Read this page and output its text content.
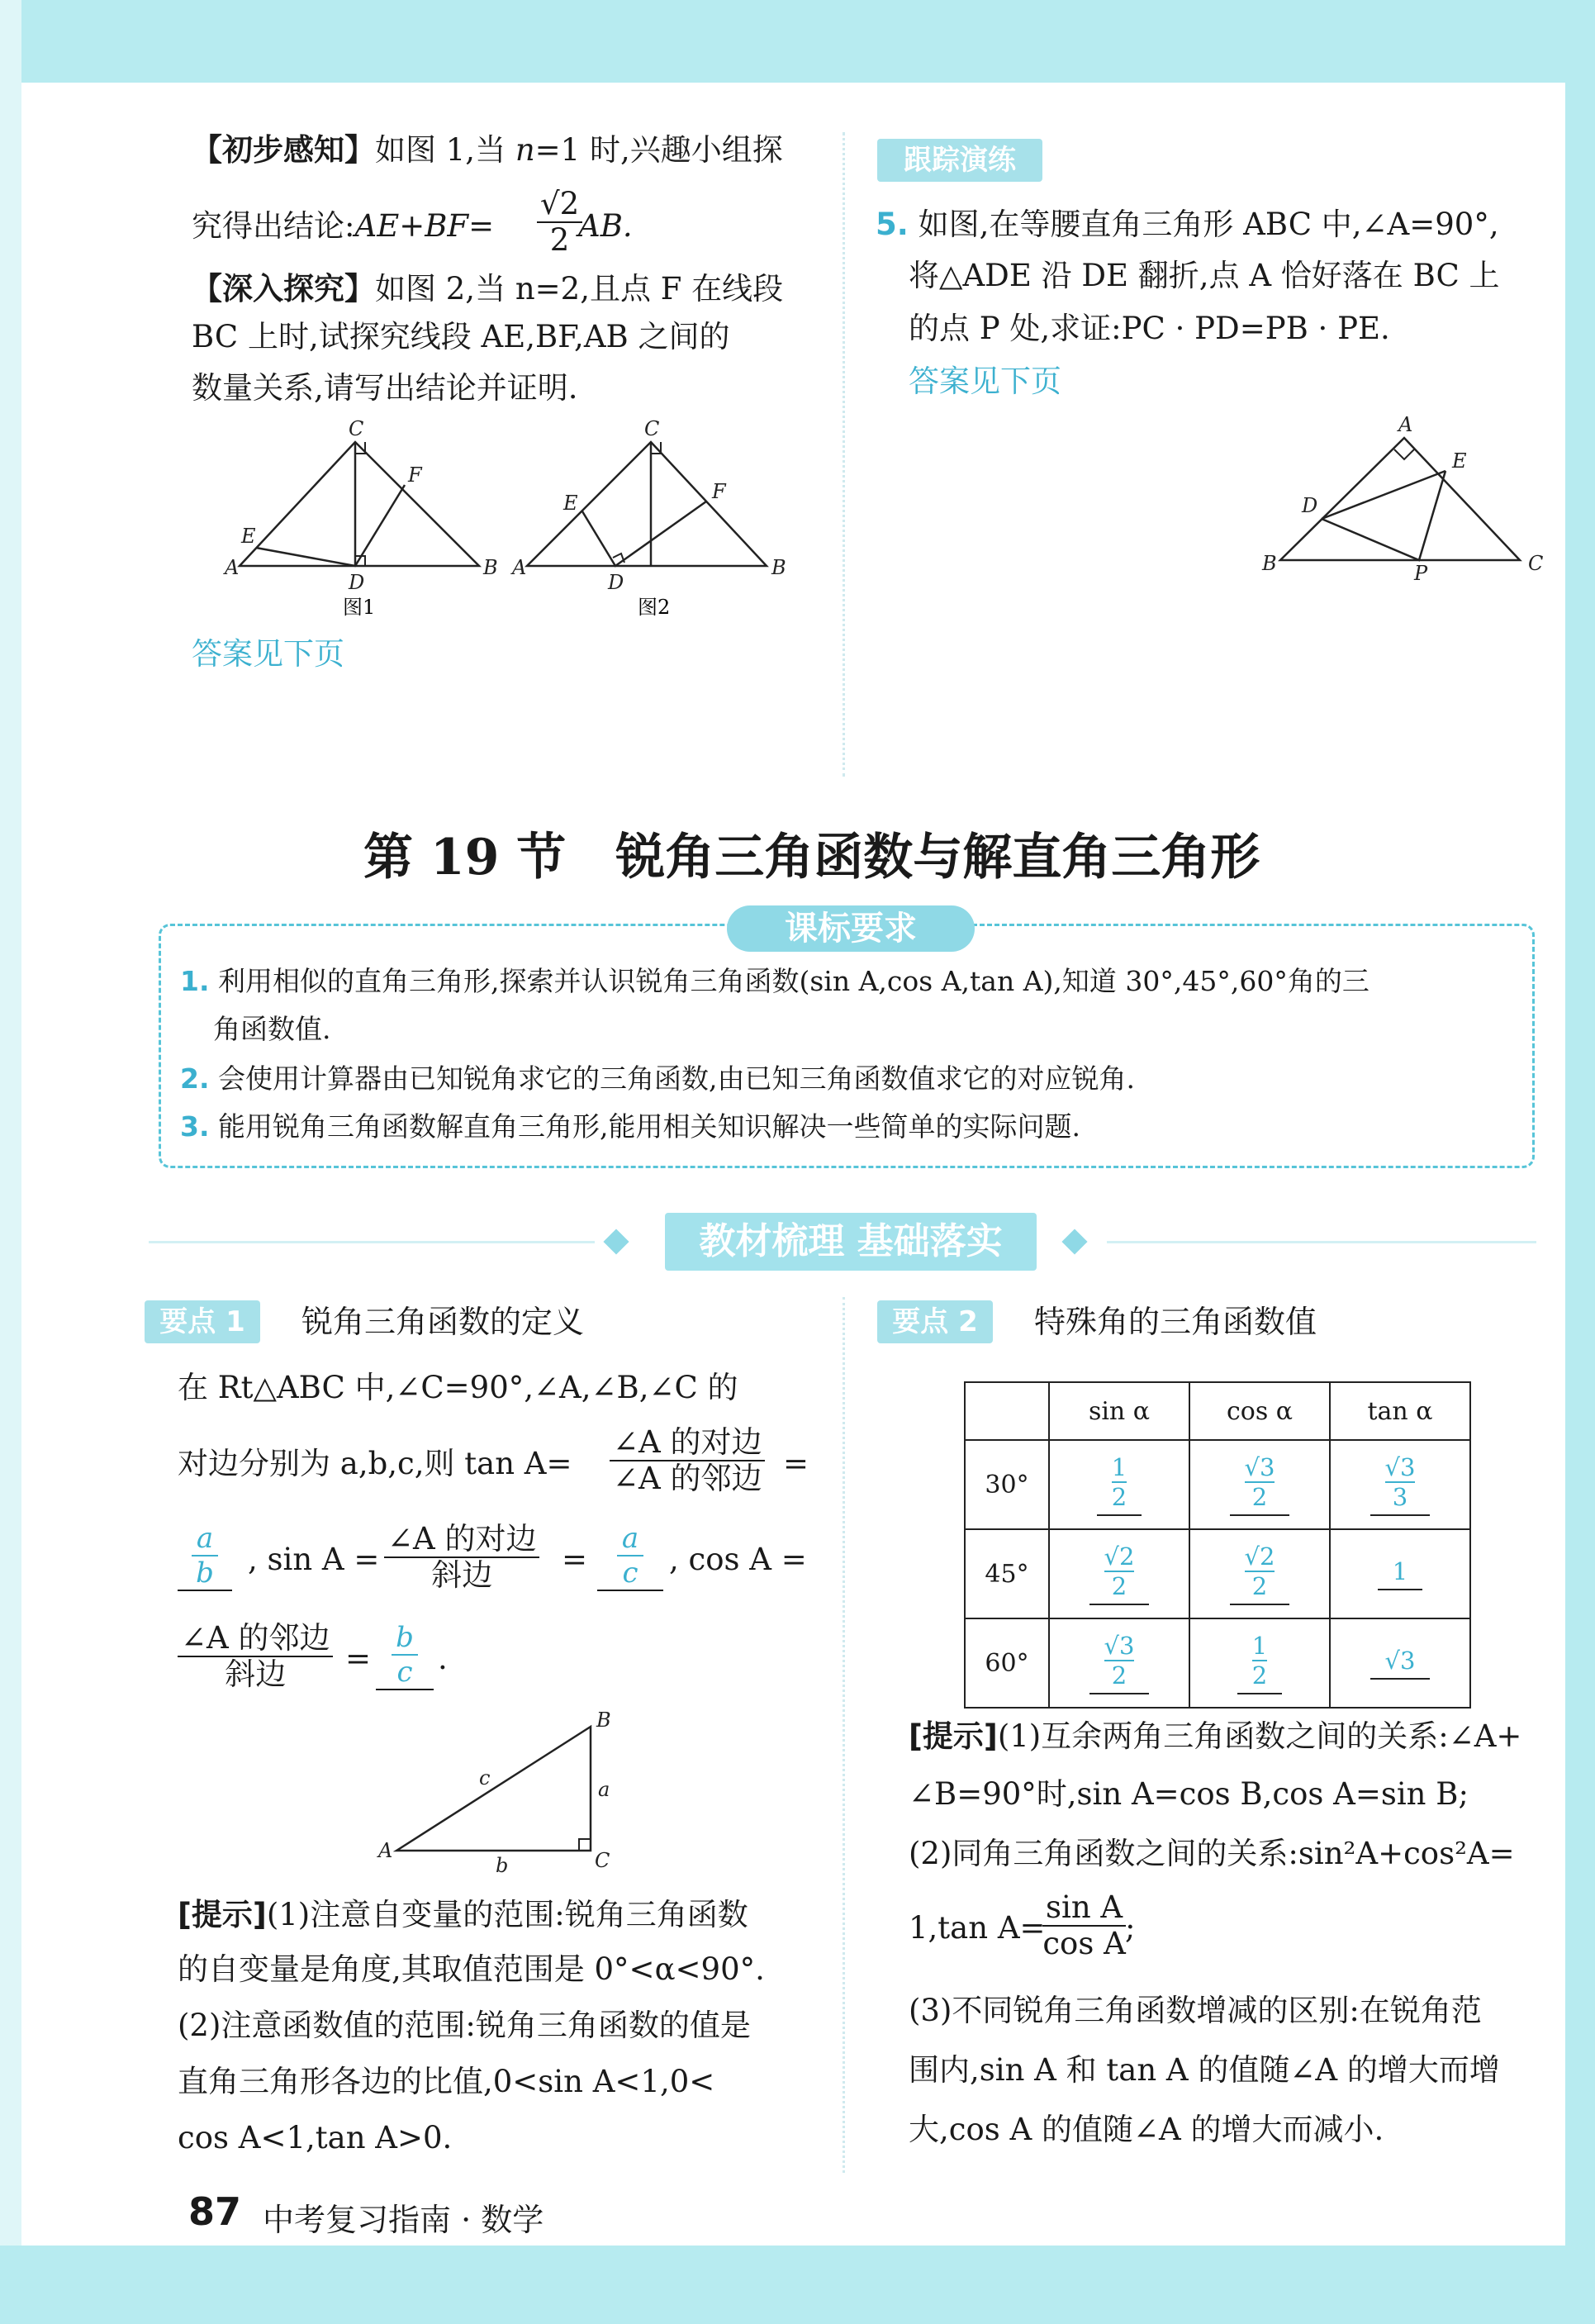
【初步感知】如图 1,当 n=1 时,兴趣小组探
究得出结论:AE+BF= $\frac{√2}{2}$
AB.
【深入探究】如图 2,当 n=2,且点 F 在线段
BC 上时,试探究线段 AE,BF,AB 之间的
数量关系,请写出结论并证明.
C
A	B
D
E
F
图1
C
A	B
D
E	F
图2
答案见下页
跟踪演练
5. 如图,在等腰直角三角形 ABC 中,∠A=90°,
将△ADE 沿 DE 翻折,点 A 恰好落在 BC 上
的点 P 处,求证:PC · PD=PB · PE.
答案见下页
A
B	C
D
E
P
第 19 节　锐角三角函数与解直角三角形
课标要求
1. 利用相似的直角三角形,探索并认识锐角三角函数(sin A,cos A,tan A),知道 30°,45°,60°角的三
角函数值.
2. 会使用计算器由已知锐角求它的三角函数,由已知三角函数值求它的对应锐角.
3. 能用锐角三角函数解直角三角形,能用相关知识解决一些简单的实际问题.
教材梳理 基础落实
要点 1	锐角三角函数的定义
在 Rt△ABC 中,∠C=90°,∠A,∠B,∠C 的
对边分别为 a,b,c,则 tan A=
∠A 的对边
∠A 的邻边 =
a
b	, sin A =
∠A 的对边
斜边	=
a
c	, cos A =
∠A 的邻边
斜边	=
b
c .
A
B
C
a
b
c
[提示](1)注意自变量的范围:锐角三角函数
的自变量是角度,其取值范围是 0°<α<90°.
(2)注意函数值的范围:锐角三角函数的值是
直角三角形各边的比值,0<sin A<1,0<
cos A<1,tan A>0.
要点 2	特殊角的三角函数值
	sin α	cos α	tan α
30°	$\frac{1}{2}$	$\frac{√3}{2}$	$\frac{√3}{3}$

45°	$\frac{√2}{2}$	$\frac{√2}{2}$	1
60°	$\frac{√3}{2}$	$\frac{1}{2}$	√3
[提示](1)互余两角三角函数之间的关系:∠A+
∠B=90°时,sin A=cos B,cos A=sin B;
(2)同角三角函数之间的关系:sin²A+cos²A=
1,tan A=
$\frac{\text{sin A}}{\text{cos A}}$
;
(3)不同锐角三角函数增减的区别:在锐角范
围内,sin A 和 tan A 的值随∠A 的增大而增
大,cos A 的值随∠A 的增大而减小.
87 中考复习指南 · 数学
